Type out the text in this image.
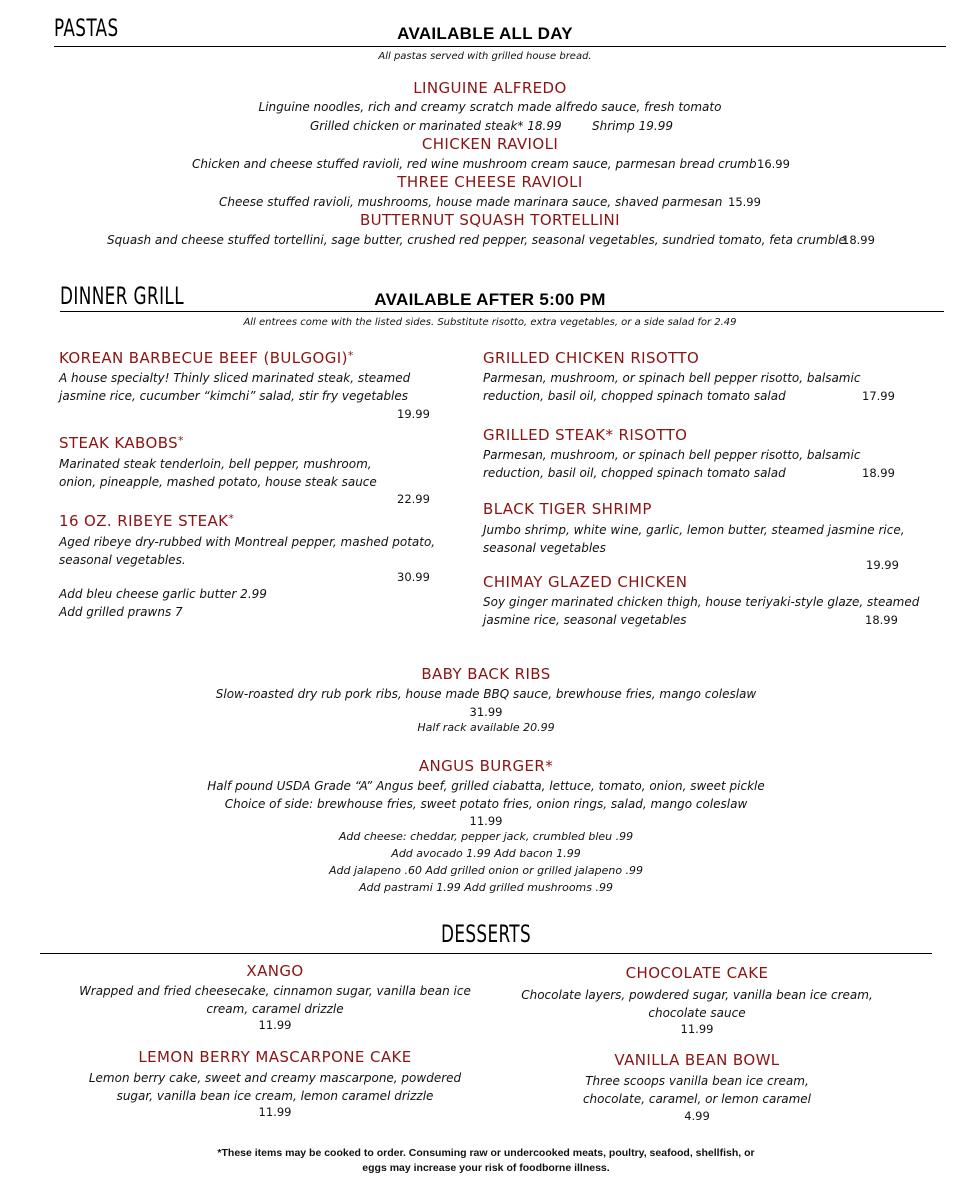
PASTAS	AVAILABLE ALL DAY
All pastas served with grilled house bread.
LINGUINE ALFREDO
Linguine noodles, rich and creamy scratch made alfredo sauce, fresh tomato
Grilled chicken or marinated steak* 18.99	Shrimp 19.99
CHICKEN RAVIOLI
Chicken and cheese stuffed ravioli, red wine mushroom cream sauce, parmesan bread crumb 16.99
THREE CHEESE RAVIOLI
Cheese stuffed ravioli, mushrooms, house made marinara sauce, shaved parmesan 15.99
BUTTERNUT SQUASH TORTELLINI
Squash and cheese stuffed tortellini, sage butter, crushed red pepper, seasonal vegetables, sundried tomato, feta crumble
18.99
DINNER GRILL	AVAILABLE AFTER 5:00 PM
All entrees come with the listed sides. Substitute risotto, extra vegetables, or a side salad for 2.49
KOREAN BARBECUE BEEF (BULGOGI)*
A house specialty! Thinly sliced marinated steak, steamed
jasmine rice, cucumber “kimchi” salad, stir fry vegetables
19.99
STEAK KABOBS*
Marinated steak tenderloin, bell pepper, mushroom,
onion, pineapple, mashed potato, house steak sauce
22.99
16 OZ. RIBEYE STEAK*
Aged ribeye dry-rubbed with Montreal pepper, mashed potato,
seasonal vegetables.
30.99
Add bleu cheese garlic butter 2.99
Add grilled prawns 7
GRILLED CHICKEN RISOTTO
Parmesan, mushroom, or spinach bell pepper risotto, balsamic
reduction, basil oil, chopped spinach tomato salad	17.99
GRILLED STEAK* RISOTTO
Parmesan, mushroom, or spinach bell pepper risotto, balsamic
reduction, basil oil, chopped spinach tomato salad	18.99
BLACK TIGER SHRIMP
Jumbo shrimp, white wine, garlic, lemon butter, steamed jasmine rice,
seasonal vegetables
19.99
CHIMAY GLAZED CHICKEN
Soy ginger marinated chicken thigh, house teriyaki-style glaze, steamed
jasmine rice, seasonal vegetables	18.99
BABY BACK RIBS
Slow-roasted dry rub pork ribs, house made BBQ sauce, brewhouse fries, mango coleslaw
31.99
Half rack available 20.99
ANGUS BURGER*
Half pound USDA Grade “A” Angus beef, grilled ciabatta, lettuce, tomato, onion, sweet pickle
Choice of side: brewhouse fries, sweet potato fries, onion rings, salad, mango coleslaw
11.99
Add cheese: cheddar, pepper jack, crumbled bleu .99
Add avocado 1.99 Add bacon 1.99
Add jalapeno .60 Add grilled onion or grilled jalapeno .99
Add pastrami 1.99 Add grilled mushrooms .99
DESSERTS
XANGO
Wrapped and fried cheesecake, cinnamon sugar, vanilla bean ice
cream, caramel drizzle
11.99
CHOCOLATE CAKE
Chocolate layers, powdered sugar, vanilla bean ice cream,
chocolate sauce
11.99
LEMON BERRY MASCARPONE CAKE
Lemon berry cake, sweet and creamy mascarpone, powdered
sugar, vanilla bean ice cream, lemon caramel drizzle
11.99
VANILLA BEAN BOWL
Three scoops vanilla bean ice cream,
chocolate, caramel, or lemon caramel
4.99
*These items may be cooked to order. Consuming raw or undercooked meats, poultry, seafood, shellfish, or
eggs may increase your risk of foodborne illness.
